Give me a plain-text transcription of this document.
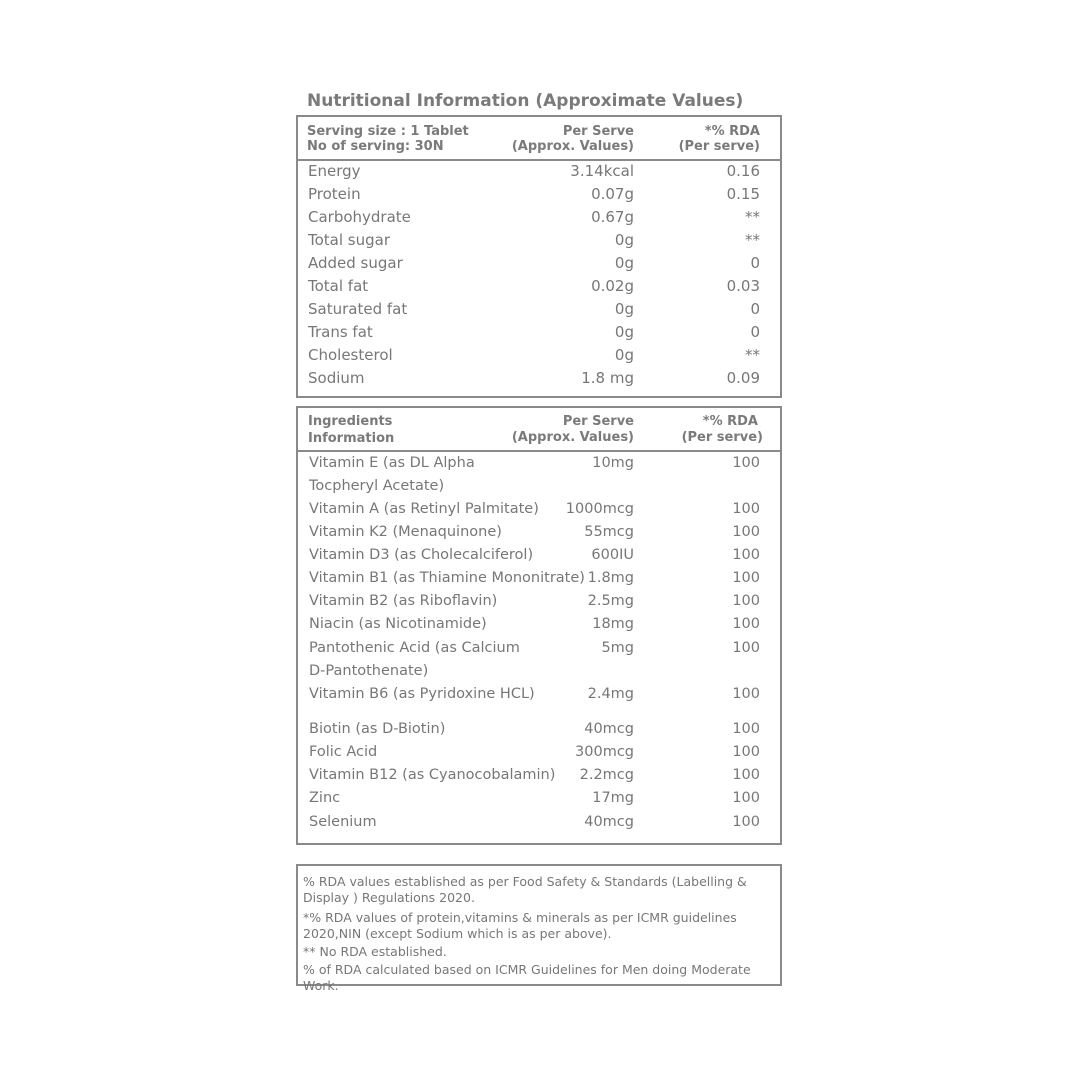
Nutritional Information (Approximate Values)
Serving size : 1 Tablet
No of serving: 30N
Per Serve
(Approx. Values)
*% RDA
(Per serve)
Energy	3.14kcal	0.16
Protein	0.07g	0.15
Carbohydrate	0.67g	**
Total sugar	0g	**
Added sugar	0g	0
Total fat	0.02g	0.03
Saturated fat	0g	0
Trans fat	0g	0
Cholesterol	0g	**
Sodium	1.8 mg	0.09
Ingredients
Information
Per Serve
(Approx. Values)
*% RDA
(Per serve)
Vitamin E (as DL Alpha	10mg	100
Tocpheryl Acetate)
Vitamin A (as Retinyl Palmitate) 1000mcg	100
Vitamin K2 (Menaquinone)	55mcg	100
Vitamin D3 (as Cholecalciferol)	600IU	100
Vitamin B1 (as Thiamine Mononitrate) 1.8mg	100
Vitamin B2 (as Riboflavin)	2.5mg	100
Niacin (as Nicotinamide)	18mg	100
Pantothenic Acid (as Calcium	5mg	100
D-Pantothenate)
Vitamin B6 (as Pyridoxine HCL)	2.4mg	100
Biotin (as D-Biotin)	40mcg	100
Folic Acid	300mcg	100
Vitamin B12 (as Cyanocobalamin) 2.2mcg	100
Zinc	17mg	100
Selenium	40mcg	100
% RDA values established as per Food Safety & Standards (Labelling & Display ) Regulations 2020.
*% RDA values of protein,vitamins & minerals as per ICMR guidelines 2020,NIN (except Sodium which is as per above).
** No RDA established.
% of RDA calculated based on ICMR Guidelines for Men doing Moderate Work.
